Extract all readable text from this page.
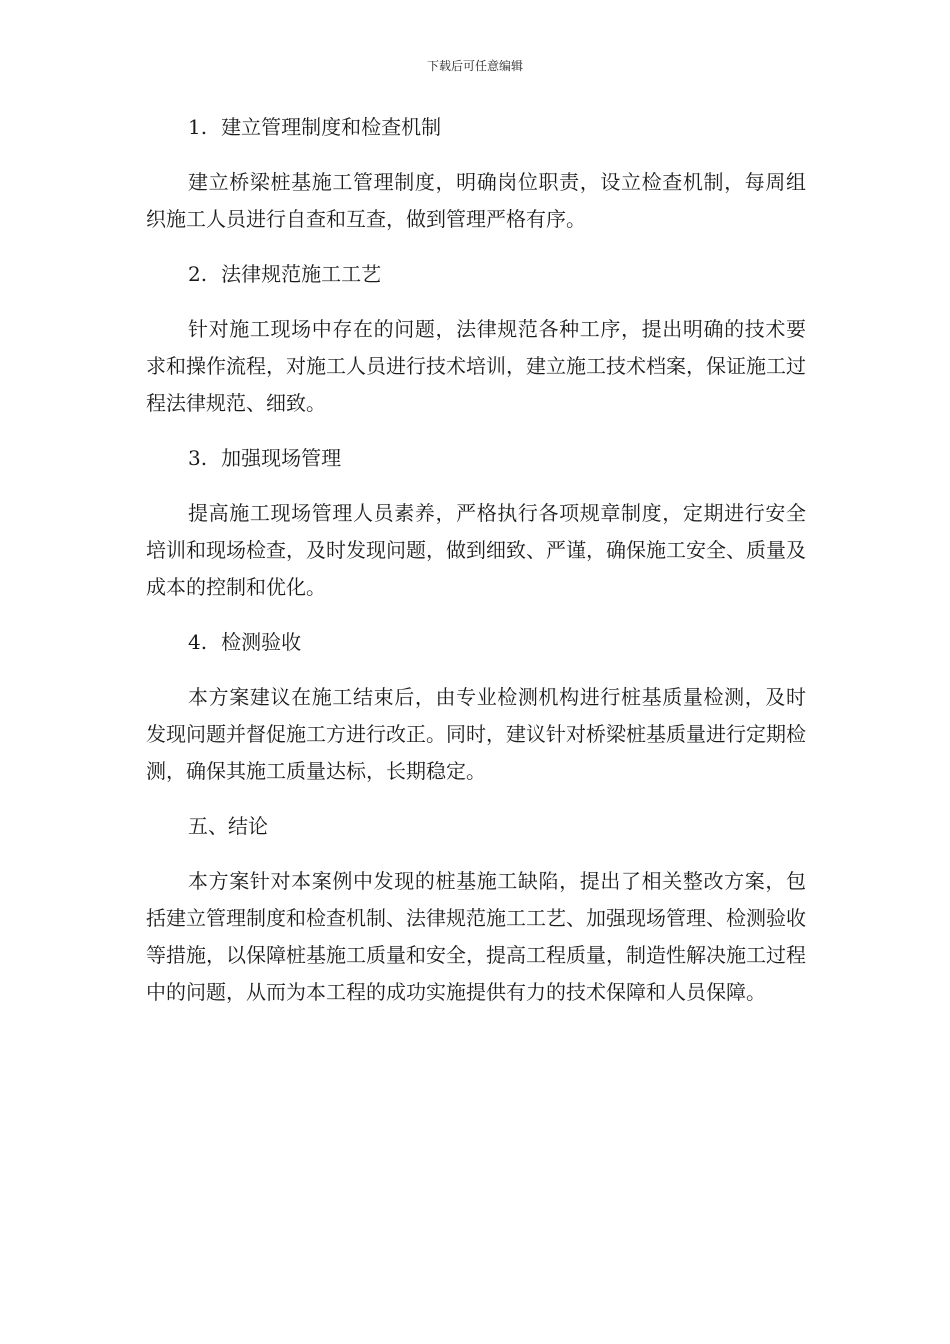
下载后可任意编辑
1. 建立管理制度和检查机制

建立桥梁桩基施工管理制度，明确岗位职责，设立检查机制，每周组织施工人员进行自查和互查，做到管理严格有序。

2. 法律规范施工工艺

针对施工现场中存在的问题，法律规范各种工序，提出明确的技术要求和操作流程，对施工人员进行技术培训，建立施工技术档案，保证施工过程法律规范、细致。

3. 加强现场管理

提高施工现场管理人员素养，严格执行各项规章制度，定期进行安全培训和现场检查，及时发现问题，做到细致、严谨，确保施工安全、质量及成本的控制和优化。

4. 检测验收

本方案建议在施工结束后，由专业检测机构进行桩基质量检测，及时发现问题并督促施工方进行改正。同时，建议针对桥梁桩基质量进行定期检测，确保其施工质量达标，长期稳定。

五、结论

本方案针对本案例中发现的桩基施工缺陷，提出了相关整改方案，包括建立管理制度和检查机制、法律规范施工工艺、加强现场管理、检测验收等措施，以保障桩基施工质量和安全，提高工程质量，制造性解决施工过程中的问题，从而为本工程的成功实施提供有力的技术保障和人员保障。
